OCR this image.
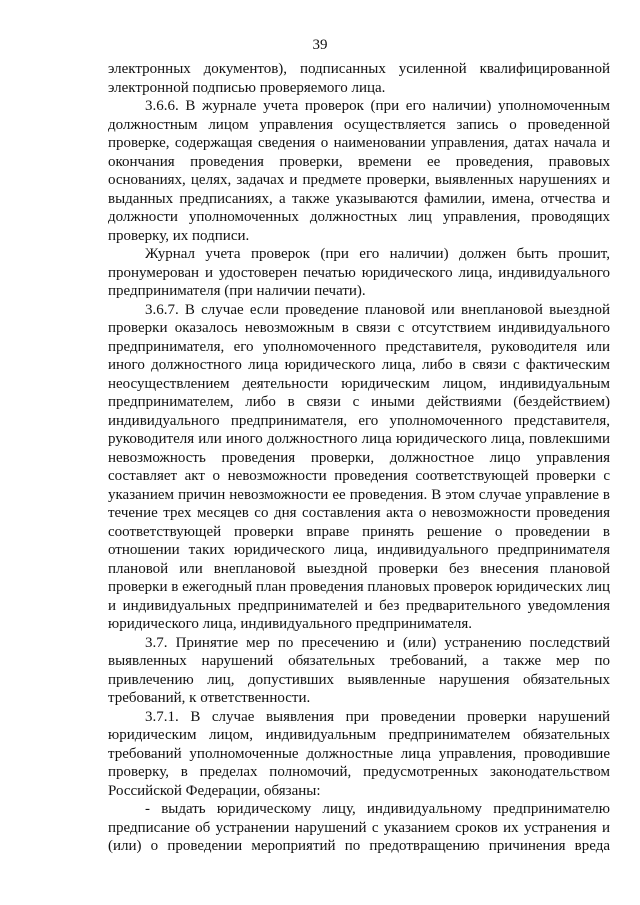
39

электронных документов), подписанных усиленной квалифицированной электронной подписью проверяемого лица.

3.6.6. В журнале учета проверок (при его наличии) уполномоченным должностным лицом управления осуществляется запись о проведенной проверке, содержащая сведения о наименовании управления, датах начала и окончания проведения проверки, времени ее проведения, правовых основаниях, целях, задачах и предмете проверки, выявленных нарушениях и выданных предписаниях, а также указываются фамилии, имена, отчества и должности уполномоченных должностных лиц управления, проводящих проверку, их подписи.

Журнал учета проверок (при его наличии) должен быть прошит, пронумерован и удостоверен печатью юридического лица, индивидуального предпринимателя (при наличии печати).

3.6.7. В случае если проведение плановой или внеплановой выездной проверки оказалось невозможным в связи с отсутствием индивидуального предпринимателя, его уполномоченного представителя, руководителя или иного должностного лица юридического лица, либо в связи с фактическим неосуществлением деятельности юридическим лицом, индивидуальным предпринимателем, либо в связи с иными действиями (бездействием) индивидуального предпринимателя, его уполномоченного представителя, руководителя или иного должностного лица юридического лица, повлекшими невозможность проведения проверки, должностное лицо управления составляет акт о невозможности проведения соответствующей проверки с указанием причин невозможности ее проведения. В этом случае управление в течение трех месяцев со дня составления акта о невозможности проведения соответствующей проверки вправе принять решение о проведении в отношении таких юридического лица, индивидуального предпринимателя плановой или внеплановой выездной проверки без внесения плановой проверки в ежегодный план проведения плановых проверок юридических лиц и индивидуальных предпринимателей и без предварительного уведомления юридического лица, индивидуального предпринимателя.

3.7. Принятие мер по пресечению и (или) устранению последствий выявленных нарушений обязательных требований, а также мер по привлечению лиц, допустивших выявленные нарушения обязательных требований, к ответственности.

3.7.1. В случае выявления при проведении проверки нарушений юридическим лицом, индивидуальным предпринимателем обязательных требований уполномоченные должностные лица управления, проводившие проверку, в пределах полномочий, предусмотренных законодательством Российской Федерации, обязаны:

- выдать юридическому лицу, индивидуальному предпринимателю предписание об устранении нарушений с указанием сроков их устранения и (или) о проведении мероприятий по предотвращению причинения вреда
